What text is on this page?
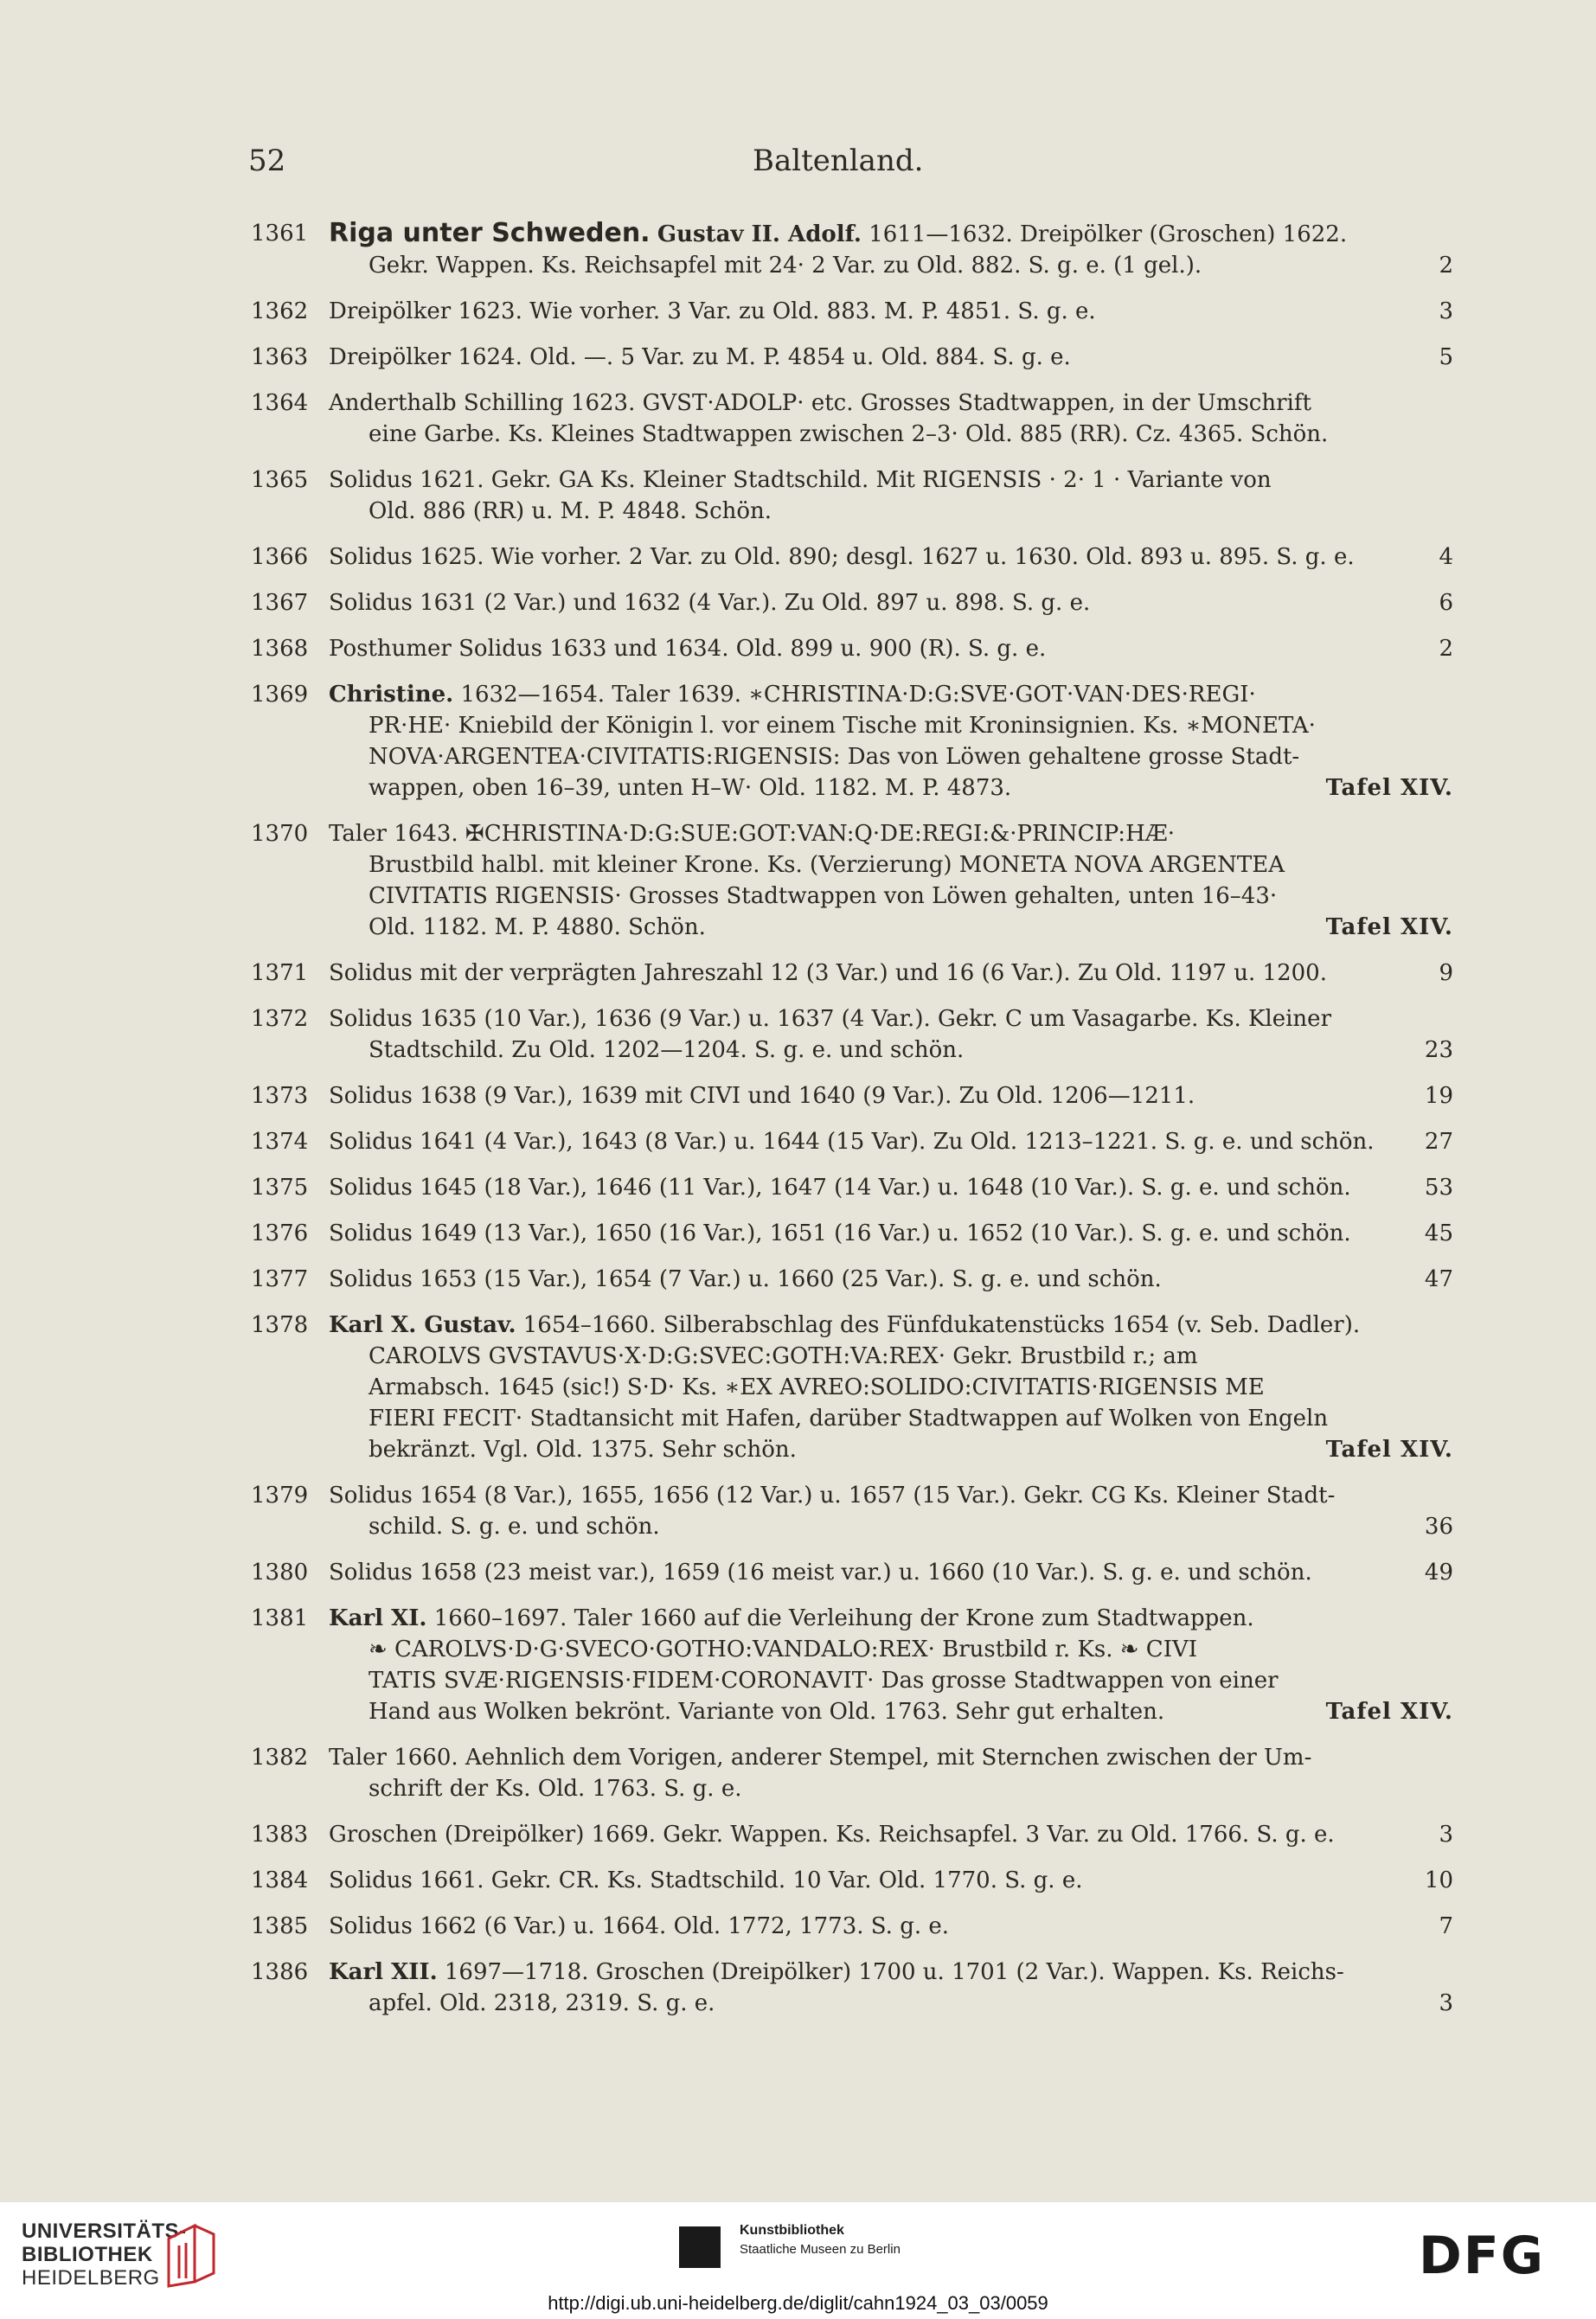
52	Baltenland.
1361 Riga unter Schweden. Gustav II. Adolf. 1611—1632. Dreipölker (Groschen) 1622.
Gekr. Wappen. Ks. Reichsapfel mit 24· 2 Var. zu Old. 882. S. g. e. (1 gel.).	2
1362 Dreipölker 1623. Wie vorher. 3 Var. zu Old. 883. M. P. 4851. S. g. e.	3
1363 Dreipölker 1624. Old. —. 5 Var. zu M. P. 4854 u. Old. 884. S. g. e.	5
1364 Anderthalb Schilling 1623. GVST·ADOLP· etc. Grosses Stadtwappen, in der Umschrift
eine Garbe. Ks. Kleines Stadtwappen zwischen 2–3· Old. 885 (RR). Cz. 4365. Schön.
1365 Solidus 1621. Gekr. GA Ks. Kleiner Stadtschild. Mit RIGENSIS · 2· 1 · Variante von
Old. 886 (RR) u. M. P. 4848. Schön.
1366 Solidus 1625. Wie vorher. 2 Var. zu Old. 890; desgl. 1627 u. 1630. Old. 893 u. 895. S. g. e.	4
1367 Solidus 1631 (2 Var.) und 1632 (4 Var.). Zu Old. 897 u. 898. S. g. e.	6
1368 Posthumer Solidus 1633 und 1634. Old. 899 u. 900 (R). S. g. e.	2
1369 Christine. 1632—1654. Taler 1639. ∗CHRISTINA·D:G:SVE·GOT·VAN·DES·REGI·
PR·HE· Kniebild der Königin l. vor einem Tische mit Kroninsignien. Ks. ∗MONETA·
NOVA·ARGENTEA·CIVITATIS:RIGENSIS: Das von Löwen gehaltene grosse Stadt-
wappen, oben 16–39, unten H–W· Old. 1182. M. P. 4873.	Tafel XIV.
1370 Taler 1643. ✠CHRISTINA·D:G:SUE:GOT:VAN:Q·DE:REGI:&·PRINCIP:HÆ·
Brustbild halbl. mit kleiner Krone. Ks. (Verzierung) MONETA NOVA ARGENTEA
CIVITATIS RIGENSIS· Grosses Stadtwappen von Löwen gehalten, unten 16–43·
Old. 1182. M. P. 4880. Schön.	Tafel XIV.
1371 Solidus mit der verprägten Jahreszahl 12 (3 Var.) und 16 (6 Var.). Zu Old. 1197 u. 1200.	9
1372 Solidus 1635 (10 Var.), 1636 (9 Var.) u. 1637 (4 Var.). Gekr. C um Vasagarbe. Ks. Kleiner
Stadtschild. Zu Old. 1202—1204. S. g. e. und schön.	23
1373 Solidus 1638 (9 Var.), 1639 mit CIVI und 1640 (9 Var.). Zu Old. 1206—1211.	19
1374 Solidus 1641 (4 Var.), 1643 (8 Var.) u. 1644 (15 Var). Zu Old. 1213–1221. S. g. e. und schön.	27
1375 Solidus 1645 (18 Var.), 1646 (11 Var.), 1647 (14 Var.) u. 1648 (10 Var.). S. g. e. und schön.	53
1376 Solidus 1649 (13 Var.), 1650 (16 Var.), 1651 (16 Var.) u. 1652 (10 Var.). S. g. e. und schön.	45
1377 Solidus 1653 (15 Var.), 1654 (7 Var.) u. 1660 (25 Var.). S. g. e. und schön.	47
1378 Karl X. Gustav. 1654–1660. Silberabschlag des Fünfdukatenstücks 1654 (v. Seb. Dadler).
CAROLVS GVSTAVUS·X·D:G:SVEC:GOTH:VA:REX· Gekr. Brustbild r.; am
Armabsch. 1645 (sic!) S·D· Ks. ∗EX AVREO:SOLIDO:CIVITATIS·RIGENSIS ME
FIERI FECIT· Stadtansicht mit Hafen, darüber Stadtwappen auf Wolken von Engeln
bekränzt. Vgl. Old. 1375. Sehr schön.	Tafel XIV.
1379 Solidus 1654 (8 Var.), 1655, 1656 (12 Var.) u. 1657 (15 Var.). Gekr. CG Ks. Kleiner Stadt-
schild. S. g. e. und schön.	36
1380 Solidus 1658 (23 meist var.), 1659 (16 meist var.) u. 1660 (10 Var.). S. g. e. und schön.	49
1381 Karl XI. 1660–1697. Taler 1660 auf die Verleihung der Krone zum Stadtwappen.
❧ CAROLVS·D·G·SVECO·GOTHO:VANDALO:REX· Brustbild r. Ks. ❧ CIVI
TATIS SVÆ·RIGENSIS·FIDEM·CORONAVIT· Das grosse Stadtwappen von einer
Hand aus Wolken bekrönt. Variante von Old. 1763. Sehr gut erhalten.	Tafel XIV.
1382 Taler 1660. Aehnlich dem Vorigen, anderer Stempel, mit Sternchen zwischen der Um-
schrift der Ks. Old. 1763. S. g. e.
1383 Groschen (Dreipölker) 1669. Gekr. Wappen. Ks. Reichsapfel. 3 Var. zu Old. 1766. S. g. e.	3
1384 Solidus 1661. Gekr. CR. Ks. Stadtschild. 10 Var. Old. 1770. S. g. e.	10
1385 Solidus 1662 (6 Var.) u. 1664. Old. 1772, 1773. S. g. e.	7
1386 Karl XII. 1697—1718. Groschen (Dreipölker) 1700 u. 1701 (2 Var.). Wappen. Ks. Reichs-
apfel. Old. 2318, 2319. S. g. e.	3
UNIVERSITÄTS-
BIBLIOTHEK
HEIDELBERG
Kunstbibliothek
Staatliche Museen zu Berlin	DFG
http://digi.ub.uni-heidelberg.de/diglit/cahn1924_03_03/0059
